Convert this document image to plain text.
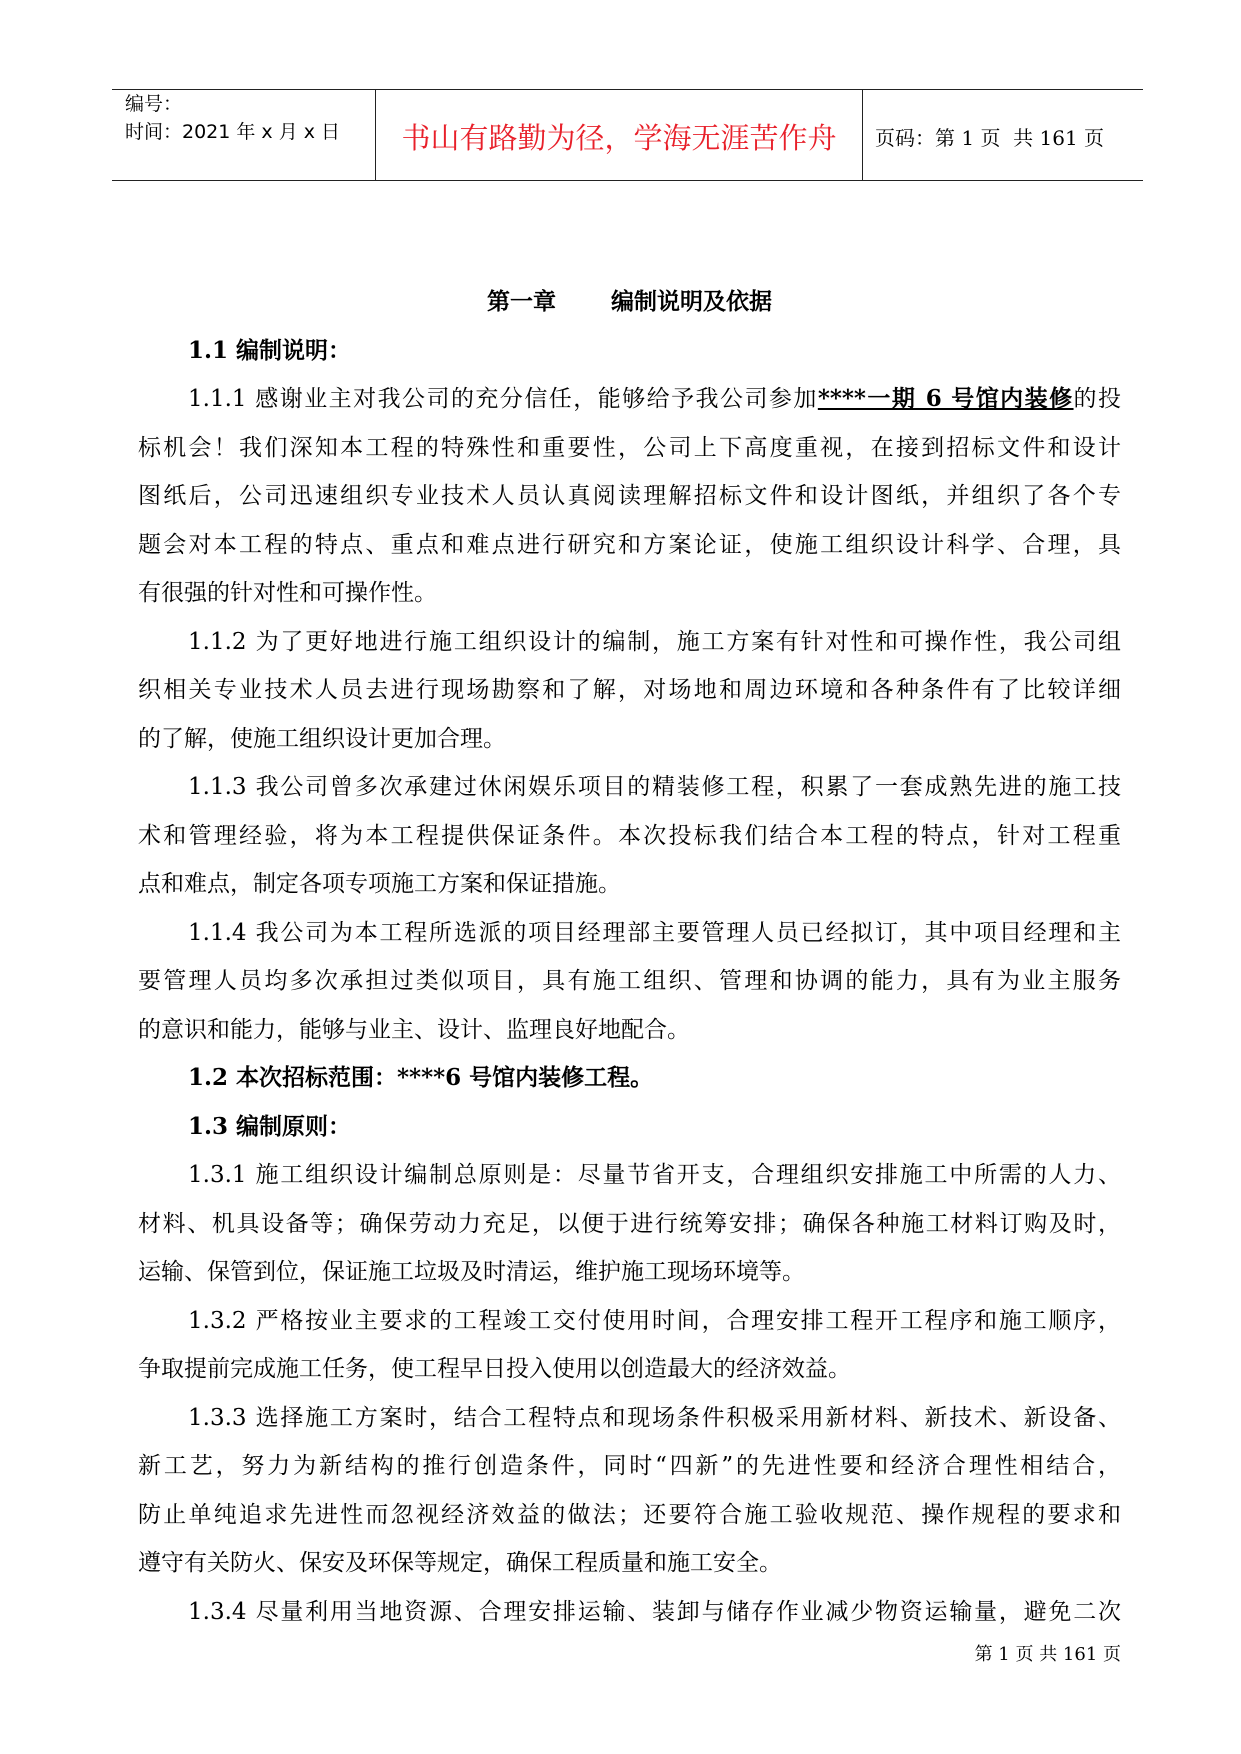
编号：
时间：2021 年 x 月 x 日 书山有路勤为径，学海无涯苦作舟 页码：第 1 页  共 161 页
第一章 编制说明及依据
1.1 编制说明：
1.1.1 感谢业主对我公司的充分信任，能够给予我公司参加****一期 6 号馆内装修的投
标机会！我们深知本工程的特殊性和重要性，公司上下高度重视，在接到招标文件和设计
图纸后，公司迅速组织专业技术人员认真阅读理解招标文件和设计图纸，并组织了各个专
题会对本工程的特点、重点和难点进行研究和方案论证，使施工组织设计科学、合理，具
有很强的针对性和可操作性。
1.1.2 为了更好地进行施工组织设计的编制，施工方案有针对性和可操作性，我公司组
织相关专业技术人员去进行现场勘察和了解，对场地和周边环境和各种条件有了比较详细
的了解，使施工组织设计更加合理。
1.1.3 我公司曾多次承建过休闲娱乐项目的精装修工程，积累了一套成熟先进的施工技
术和管理经验，将为本工程提供保证条件。本次投标我们结合本工程的特点，针对工程重
点和难点，制定各项专项施工方案和保证措施。
1.1.4 我公司为本工程所选派的项目经理部主要管理人员已经拟订，其中项目经理和主
要管理人员均多次承担过类似项目，具有施工组织、管理和协调的能力，具有为业主服务
的意识和能力，能够与业主、设计、监理良好地配合。
1.2 本次招标范围：****6 号馆内装修工程。
1.3 编制原则：
1.3.1 施工组织设计编制总原则是：尽量节省开支，合理组织安排施工中所需的人力、
材料、机具设备等；确保劳动力充足，以便于进行统筹安排；确保各种施工材料订购及时，
运输、保管到位，保证施工垃圾及时清运，维护施工现场环境等。
1.3.2 严格按业主要求的工程竣工交付使用时间，合理安排工程开工程序和施工顺序，
争取提前完成施工任务，使工程早日投入使用以创造最大的经济效益。
1.3.3 选择施工方案时，结合工程特点和现场条件积极采用新材料、新技术、新设备、
新工艺，努力为新结构的推行创造条件，同时“四新”的先进性要和经济合理性相结合，
防止单纯追求先进性而忽视经济效益的做法；还要符合施工验收规范、操作规程的要求和
遵守有关防火、保安及环保等规定，确保工程质量和施工安全。
1.3.4 尽量利用当地资源、合理安排运输、装卸与储存作业减少物资运输量，避免二次
第 1 页 共 161 页
